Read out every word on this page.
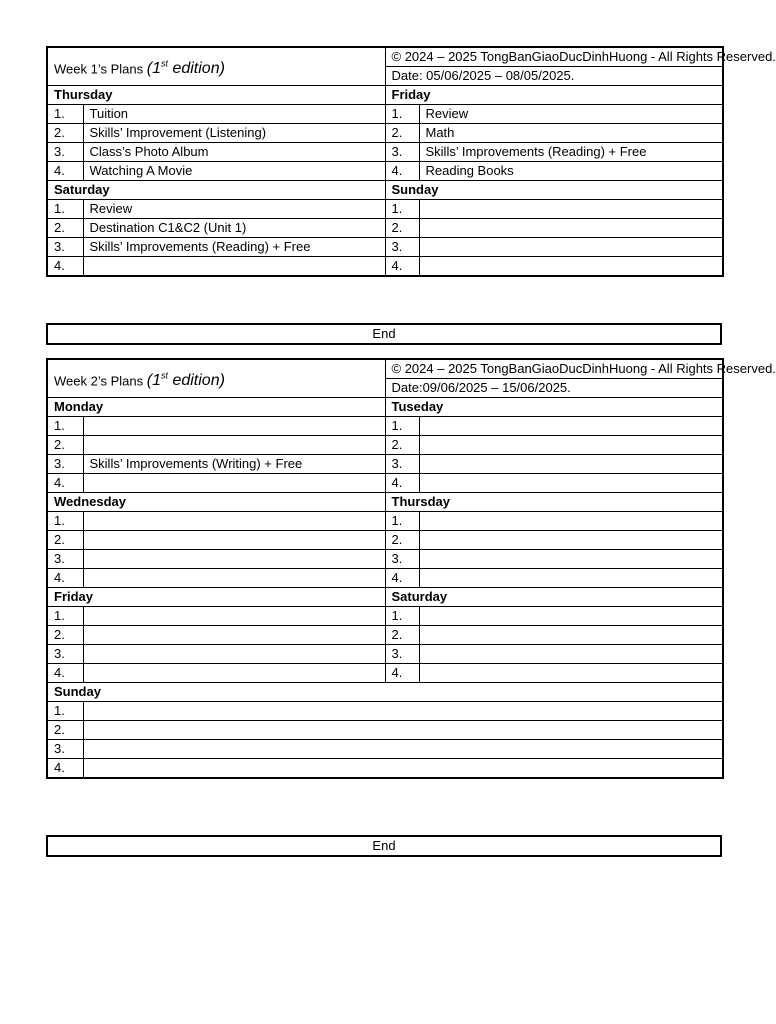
Week 1’s Plans (1st edition)		© 2024 – 2025 TongBanGiaoDucDinhHuong - All Rights Reserved.	
		Date: 05/06/2025 – 08/05/2025.	
Thursday		Friday	
1.	Tuition	1.	Review
2.	Skills’ Improvement (Listening)	2.	Math
3.	Class’s Photo Album	3.	Skills’ Improvements (Reading) + Free
4.	Watching A Movie	4.	Reading Books
Saturday		Sunday	
1.	Review	1.	
2.	Destination C1&C2 (Unit 1)	2.	
3.	Skills’ Improvements (Reading) + Free	3.	
4.		4.	
End
Week 2’s Plans (1st edition)		© 2024 – 2025 TongBanGiaoDucDinhHuong - All Rights Reserved.	
		Date:09/06/2025 – 15/06/2025.	
Monday		Tuseday	
1.		1.	
2.		2.	
3.	Skills’ Improvements (Writing) + Free	3.	
4.		4.	
Wednesday		Thursday	
1.		1.	
2.		2.	
3.		3.	
4.		4.	
Friday		Saturday	
1.		1.	
2.		2.	
3.		3.	
4.		4.	
Sunday			
1.			
2.			
3.			
4.			
End
